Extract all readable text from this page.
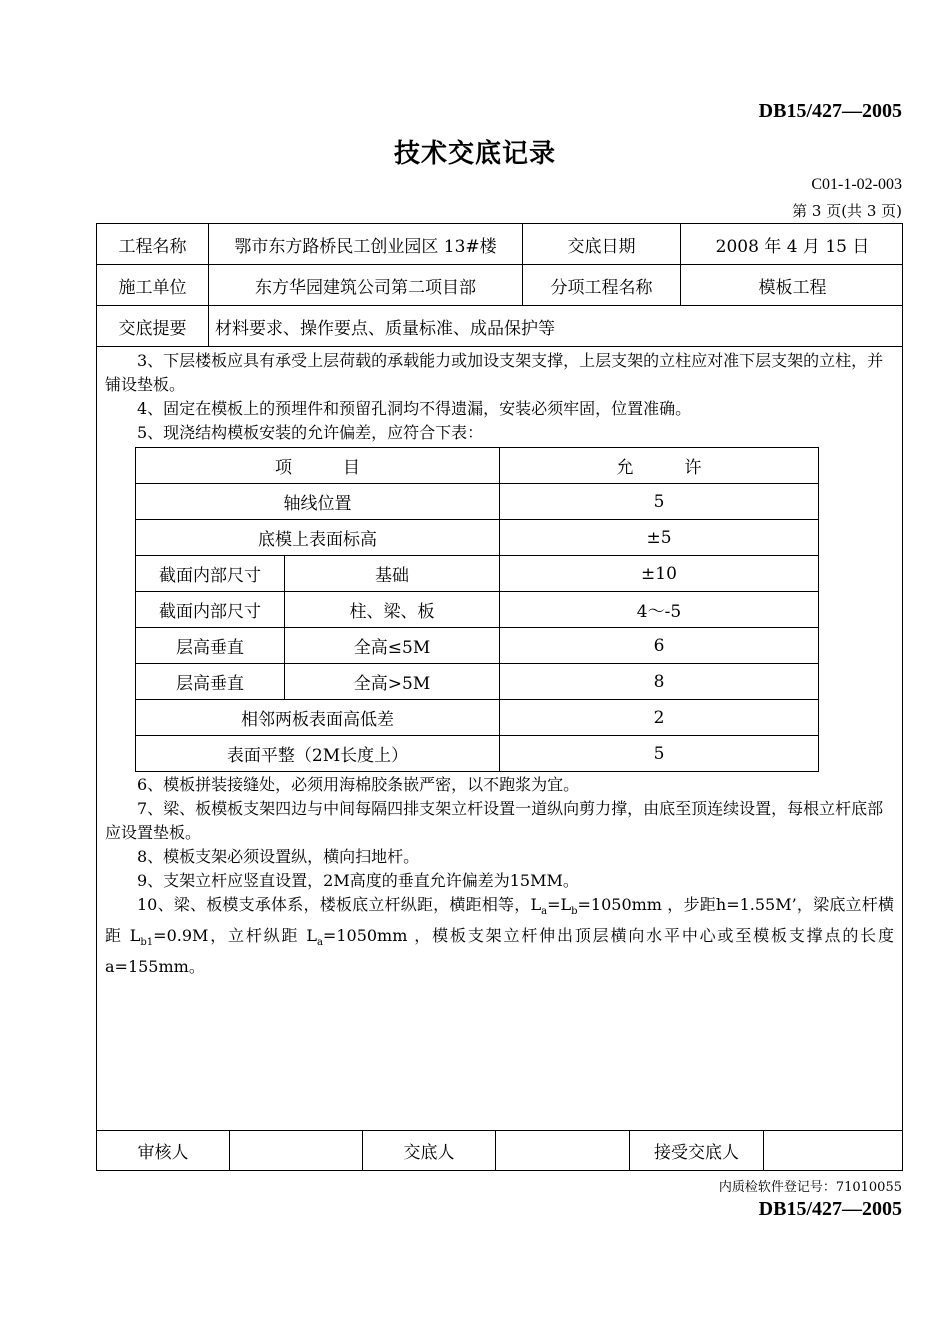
DB15/427—2005
技术交底记录
C01-1-02-003
第 3 页(共 3 页)
工程名称	鄂市东方路桥民工创业园区 13#楼	交底日期	2008 年 4 月 15 日
施工单位	东方华园建筑公司第二项目部	分项工程名称	模板工程
交底提要	材料要求、操作要点、质量标准、成品保护等

3、下层楼板应具有承受上层荷载的承载能力或加设支架支撑，上层支架的立柱应对准下层支架的立柱，并铺设垫板。

4、固定在模板上的预埋件和预留孔洞均不得遗漏，安装必须牢固，位置准确。

5、现浇结构模板安装的允许偏差，应符合下表：

项　　　目		允　　　许
轴线位置		5
底模上表面标高		±5
截面内部尺寸	基础	±10
截面内部尺寸	柱、梁、板	4～-5
层高垂直	全高≤5M	6
层高垂直	全高>5M	8
相邻两板表面高低差		2
表面平整（2M长度上）		5

6、模板拼装接缝处，必须用海棉胶条嵌严密，以不跑浆为宜。

7、梁、板模板支架四边与中间每隔四排支架立杆设置一道纵向剪力撑，由底至顶连续设置，每根立杆底部应设置垫板。

8、模板支架必须设置纵，横向扫地杆。

9、支架立杆应竖直设置，2M高度的垂直允许偏差为15MM。

10、梁、板模支承体系，楼板底立杆纵距，横距相等，$L_a=L_b=1050mm$ ，步距h=1.55M’，梁底立杆横距 $L_{b1}=0.9M$，立杆纵距 $L_a=1050mm$ ，模板支架立杆伸出顶层横向水平中心或至模板支撑点的长度 a=155mm。

审核人	交底人	接受交底人
内质检软件登记号：71010055
DB15/427—2005
